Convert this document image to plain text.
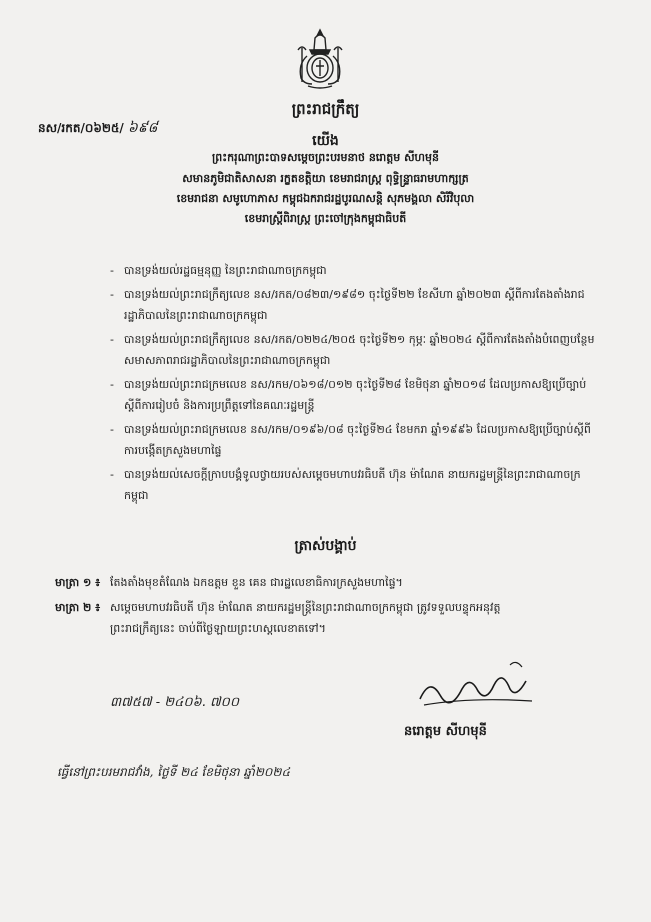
ព្រះរាជក្រឹត្យ
នស/រកត/០៦២៥/ ៦៩៨
យើង
ព្រះករុណាព្រះបាទសម្តេចព្រះបរមនាថ នរោត្តម សីហមុនី
សមានភូមិជាតិសាសនា រក្ខតខត្តិយា ខេមរាជរាស្ត្រ ពុទ្ធិន្ទ្រាធរាមហាក្សត្រ
ខេមរាជនា សមូហោភាស កម្ពុជឯករាជរដ្ឋបូរណសន្តិ សុភមង្គលា សិរីវិបុលា
ខេមរាស្ត្រីពិរាស្ត្រ ព្រះចៅក្រុងកម្ពុជាធិបតី
- បានទ្រង់យល់រដ្ឋធម្មនុញ្ញ នៃព្រះរាជាណាចក្រកម្ពុជា
- បានទ្រង់យល់ព្រះរាជក្រឹត្យលេខ នស/រកត/០៨២៣/១៩៨១ ចុះថ្ងៃទី២២ ខែសីហា ឆ្នាំ២០២៣ ស្តីពីការតែងតាំងរាជរដ្ឋាភិបាលនៃព្រះរាជាណាចក្រកម្ពុជា
- បានទ្រង់យល់ព្រះរាជក្រឹត្យលេខ នស/រកត/០២២៤/២០៥ ចុះថ្ងៃទី២១ កុម្ភៈ ឆ្នាំ២០២៤ ស្តីពីការតែងតាំងបំពេញបន្ថែមសមាសភាពរាជរដ្ឋាភិបាលនៃព្រះរាជាណាចក្រកម្ពុជា
- បានទ្រង់យល់ព្រះរាជក្រមលេខ នស/រកម/០៦១៨/០១២ ចុះថ្ងៃទី២៨ ខែមិថុនា ឆ្នាំ២០១៨ ដែលប្រកាសឱ្យប្រើច្បាប់ស្តីពីការរៀបចំ និងការប្រព្រឹត្តទៅនៃគណៈរដ្ឋមន្ត្រី
- បានទ្រង់យល់ព្រះរាជក្រមលេខ នស/រកម/០១៩៦/០៨ ចុះថ្ងៃទី២៤ ខែមករា ឆ្នាំ១៩៩៦ ដែលប្រកាសឱ្យប្រើច្បាប់ស្តីពីការបង្កើតក្រសួងមហាផ្ទៃ
- បានទ្រង់យល់សេចក្តីក្រាបបង្គំទូលថ្វាយរបស់សម្តេចមហាបវរធិបតី ហ៊ុន ម៉ាណែត នាយករដ្ឋមន្ត្រីនៃព្រះរាជាណាចក្រកម្ពុជា
ត្រាស់បង្គាប់
មាត្រា ១ ៖ តែងតាំងមុខតំណែង ឯកឧត្តម ខួន គេន ជារដ្ឋលេខាធិការក្រសួងមហាផ្ទៃ។
មាត្រា ២ ៖ សម្តេចមហាបវរធិបតី ហ៊ុន ម៉ាណែត នាយករដ្ឋមន្ត្រីនៃព្រះរាជាណាចក្រកម្ពុជា ត្រូវទទួលបន្ទុកអនុវត្ត
ព្រះរាជក្រឹត្យនេះ ចាប់ពីថ្ងៃឡាយព្រះហស្តលេខាតទៅ។
៣៧៥៧ - ២៤០៦. ៧០០
នរោត្តម សីហមុនី
ធ្វើនៅព្រះបរមរាជវាំង, ថ្ងៃទី ២៤ ខែមិថុនា ឆ្នាំ២០២៤
